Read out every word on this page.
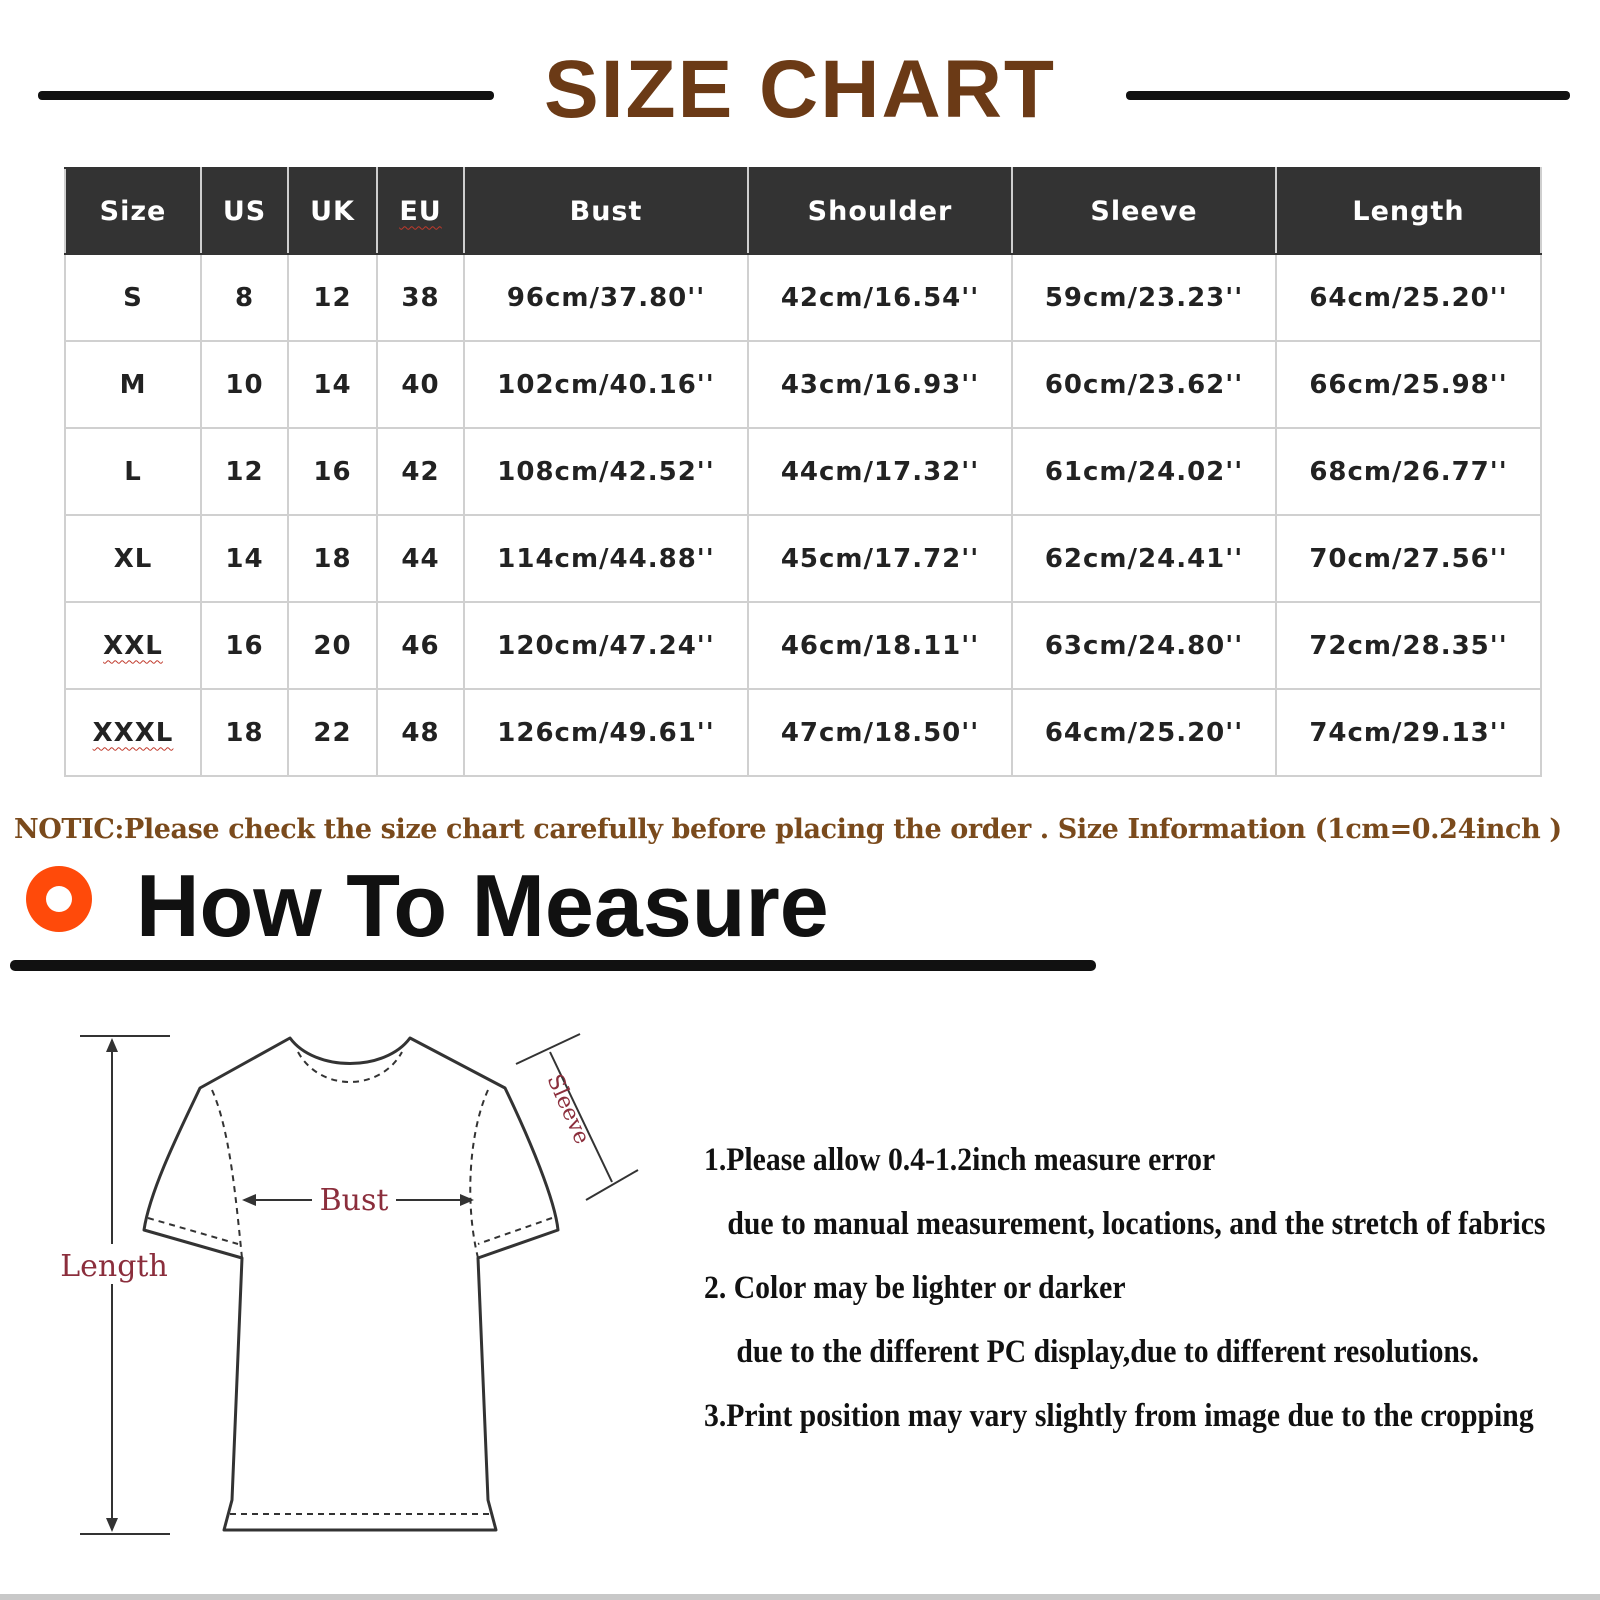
SIZE CHART
Size	US	UK	EU	Bust	Shoulder	Sleeve	Length
S	8	12	38	96cm/37.80''	42cm/16.54''	59cm/23.23''	64cm/25.20''
M	10	14	40	102cm/40.16''	43cm/16.93''	60cm/23.62''	66cm/25.98''
L	12	16	42	108cm/42.52''	44cm/17.32''	61cm/24.02''	68cm/26.77''
XL	14	18	44	114cm/44.88''	45cm/17.72''	62cm/24.41''	70cm/27.56''
XXL	16	20	46	120cm/47.24''	46cm/18.11''	63cm/24.80''	72cm/28.35''
XXXL	18	22	48	126cm/49.61''	47cm/18.50''	64cm/25.20''	74cm/29.13''
NOTIC:Please check the size chart carefully before placing the order . Size Information (1cm=0.24inch )
How To Measure
Length
Bust
Sleeve
1.Please allow 0.4-1.2inch measure error
due to manual measurement, locations, and the stretch of fabrics
2. Color may be lighter or darker
due to the different PC display,due to different resolutions.
3.Print position may vary slightly from image due to the cropping
